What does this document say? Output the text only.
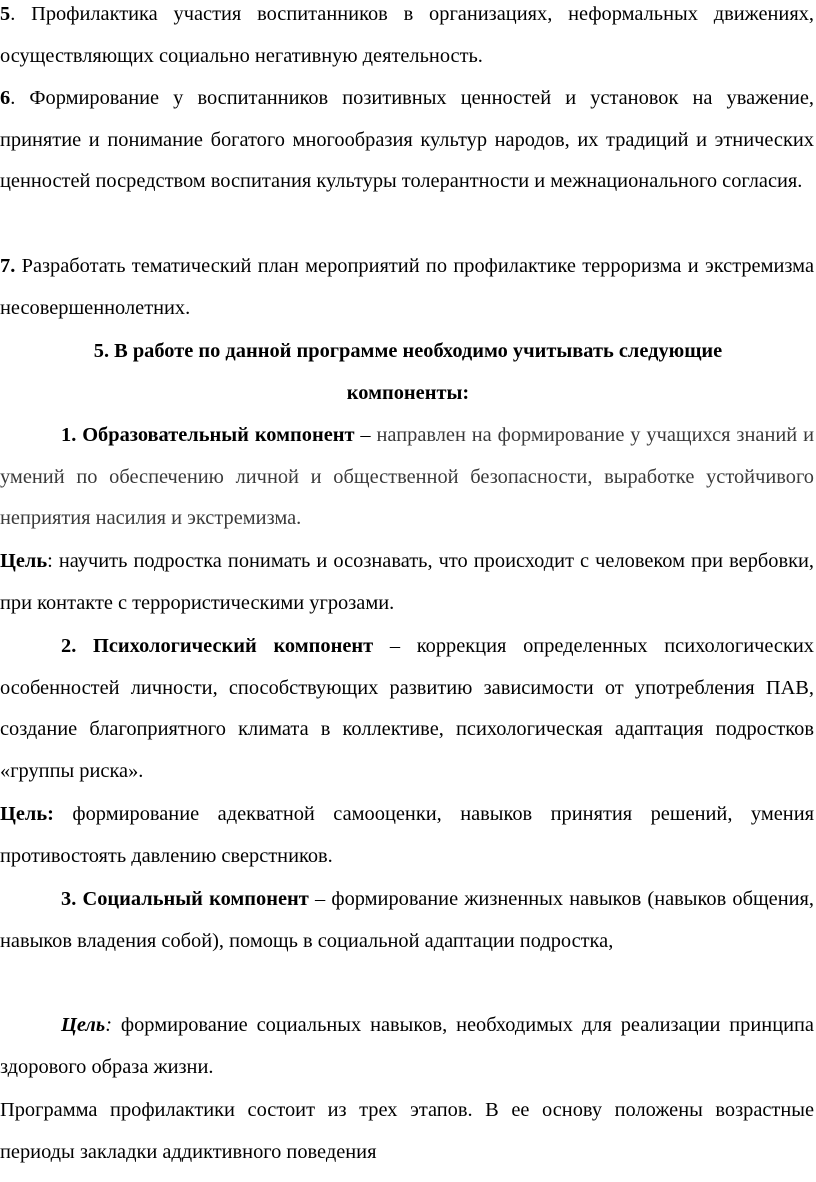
5. Профилактика участия воспитанников в организациях, неформальных движениях, осуществляющих социально негативную деятельность.

6. Формирование у воспитанников позитивных ценностей и установок на уважение, принятие и понимание богатого многообразия культур народов, их традиций и этнических ценностей посредством воспитания культуры толерантности и межнационального согласия.

7. Разработать тематический план мероприятий по профилактике терроризма и экстремизма несовершеннолетних.

5. В работе по данной программе необходимо учитывать следующие компоненты:

1. Образовательный компонент – направлен на формирование у учащихся знаний и умений по обеспечению личной и общественной безопасности, выработке устойчивого неприятия насилия и экстремизма.

Цель: научить подростка понимать и осознавать, что происходит с человеком при вербовки, при контакте с террористическими угрозами.

2. Психологический компонент – коррекция определенных психологических особенностей личности, способствующих развитию зависимости от употребления ПАВ, создание благоприятного климата в коллективе, психологическая адаптация подростков «группы риска».

Цель: формирование адекватной самооценки, навыков принятия решений, умения противостоять давлению сверстников.

3. Социальный компонент – формирование жизненных навыков (навыков общения, навыков владения собой), помощь в социальной адаптации подростка,

Цель: формирование социальных навыков, необходимых для реализации принципа здорового образа жизни.

Программа профилактики состоит из трех этапов. В ее основу положены возрастные периоды закладки аддиктивного поведения
